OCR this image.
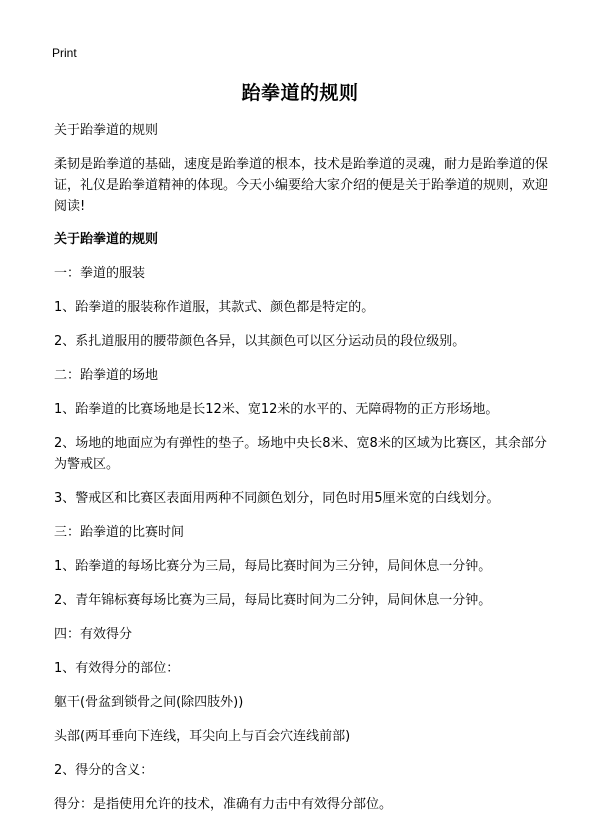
Print
跆拳道的规则

关于跆拳道的规则

柔韧是跆拳道的基础，速度是跆拳道的根本，技术是跆拳道的灵魂，耐力是跆拳道的保证，礼仪是跆拳道精神的体现。今天小编要给大家介绍的便是关于跆拳道的规则，欢迎阅读!

关于跆拳道的规则

一：拳道的服装

1、跆拳道的服装称作道服，其款式、颜色都是特定的。

2、系扎道服用的腰带颜色各异，以其颜色可以区分运动员的段位级别。

二：跆拳道的场地

1、跆拳道的比赛场地是长12米、宽12米的水平的、无障碍物的正方形场地。

2、场地的地面应为有弹性的垫子。场地中央长8米、宽8米的区域为比赛区，其余部分为警戒区。

3、警戒区和比赛区表面用两种不同颜色划分，同色时用5厘米宽的白线划分。

三：跆拳道的比赛时间

1、跆拳道的每场比赛分为三局，每局比赛时间为三分钟，局间休息一分钟。

2、青年锦标赛每场比赛为三局，每局比赛时间为二分钟，局间休息一分钟。

四：有效得分

1、有效得分的部位：

躯干(骨盆到锁骨之间(除四肢外))

头部(两耳垂向下连线，耳尖向上与百会穴连线前部)

2、得分的含义：

得分：是指使用允许的技术，准确有力击中有效得分部位。
